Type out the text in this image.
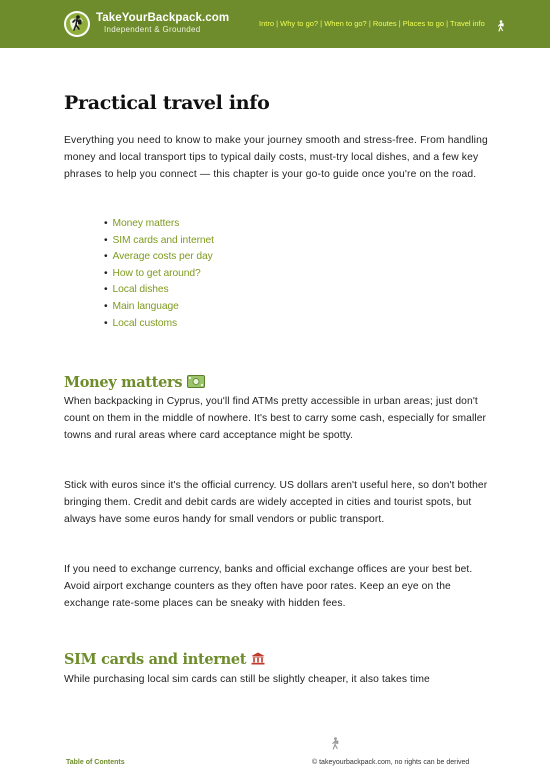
TakeYourBackpack.com
Independent & Grounded
Intro | Why to go? | When to go? | Routes | Places to go | Travel info
Practical travel info

Everything you need to know to make your journey smooth and stress-free. From handling money and local transport tips to typical daily costs, must-try local dishes, and a few key phrases to help you connect — this chapter is your go-to guide once you're on the road.

• Money matters
• SIM cards and internet
• Average costs per day
• How to get around?
• Local dishes
• Main language
• Local customs
Money matters

When backpacking in Cyprus, you'll find ATMs pretty accessible in urban areas; just don't count on them in the middle of nowhere. It's best to carry some cash, especially for smaller towns and rural areas where card acceptance might be spotty.

Stick with euros since it's the official currency. US dollars aren't useful here, so don't bother bringing them. Credit and debit cards are widely accepted in cities and tourist spots, but always have some euros handy for small vendors or public transport.

If you need to exchange currency, banks and official exchange offices are your best bet. Avoid airport exchange counters as they often have poor rates. Keep an eye on the exchange rate-some places can be sneaky with hidden fees.

SIM cards and internet

While purchasing local sim cards can still be slightly cheaper, it also takes time

Table of Contents	© takeyourbackpack.com, no rights can be derived
